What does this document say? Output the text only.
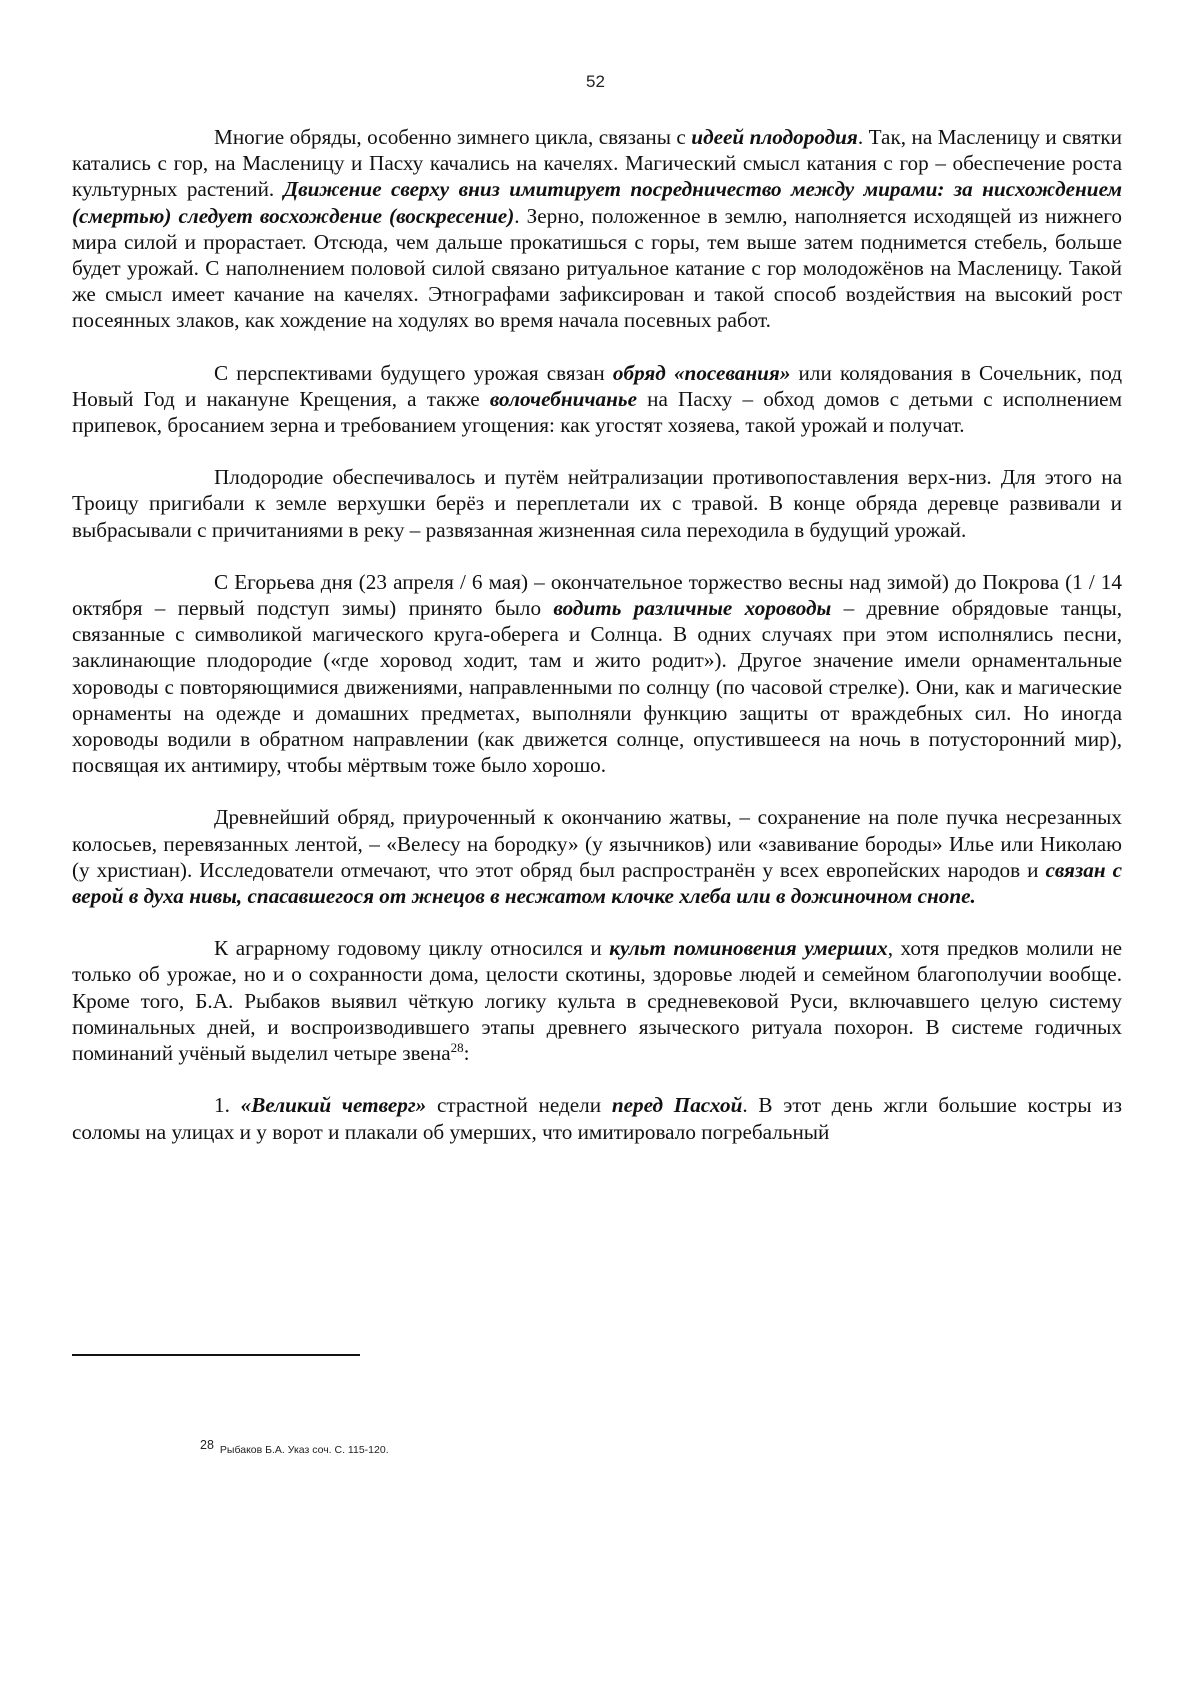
52

Многие обряды, особенно зимнего цикла, связаны с идеей плодородия. Так, на Масленицу и святки катались с гор, на Масленицу и Пасху качались на качелях. Магический смысл катания с гор – обеспечение роста культурных растений. Движение сверху вниз имитирует посредничество между мирами: за нисхождением (смертью) следует восхождение (воскресение). Зерно, положенное в землю, наполняется исходящей из нижнего мира силой и прорастает. Отсюда, чем дальше прокатишься с горы, тем выше затем поднимется стебель, больше будет урожай. С наполнением половой силой связано ритуальное катание с гор молодожёнов на Масленицу. Такой же смысл имеет качание на качелях. Этнографами зафиксирован и такой способ воздействия на высокий рост посеянных злаков, как хождение на ходулях во время начала посевных работ.

С перспективами будущего урожая связан обряд «посевания» или колядования в Сочельник, под Новый Год и накануне Крещения, а также волочебничанье на Пасху – обход домов с детьми с исполнением припевок, бросанием зерна и требованием угощения: как угостят хозяева, такой урожай и получат.

Плодородие обеспечивалось и путём нейтрализации противопоставления верх-низ. Для этого на Троицу пригибали к земле верхушки берёз и переплетали их с травой. В конце обряда деревце развивали и выбрасывали с причитаниями в реку – развязанная жизненная сила переходила в будущий урожай.

С Егорьева дня (23 апреля / 6 мая) – окончательное торжество весны над зимой) до Покрова (1 / 14 октября – первый подступ зимы) принято было водить различные хороводы – древние обрядовые танцы, связанные с символикой магического круга-оберега и Солнца. В одних случаях при этом исполнялись песни, заклинающие плодородие («где хоровод ходит, там и жито родит»). Другое значение имели орнаментальные хороводы с повторяющимися движениями, направленными по солнцу (по часовой стрелке). Они, как и магические орнаменты на одежде и домашних предметах, выполняли функцию защиты от враждебных сил. Но иногда хороводы водили в обратном направлении (как движется солнце, опустившееся на ночь в потусторонний мир), посвящая их антимиру, чтобы мёртвым тоже было хорошо.

Древнейший обряд, приуроченный к окончанию жатвы, – сохранение на поле пучка несрезанных колосьев, перевязанных лентой, – «Велесу на бородку» (у язычников) или «завивание бороды» Илье или Николаю (у христиан). Исследователи отмечают, что этот обряд был распространён у всех европейских народов и связан с верой в духа нивы, спасавшегося от жнецов в несжатом клочке хлеба или в дожиночном снопе.

К аграрному годовому циклу относился и культ поминовения умерших, хотя предков молили не только об урожае, но и о сохранности дома, целости скотины, здоровье людей и семейном благополучии вообще. Кроме того, Б.А. Рыбаков выявил чёткую логику культа в средневековой Руси, включавшего целую систему поминальных дней, и воспроизводившего этапы древнего языческого ритуала похорон. В системе годичных поминаний учёный выделил четыре звена$^{28}$:

1. «Великий четверг» страстной недели перед Пасхой. В этот день жгли большие костры из соломы на улицах и у ворот и плакали об умерших, что имитировало погребальный

28 Рыбаков Б.А. Указ соч. С. 115-120.
